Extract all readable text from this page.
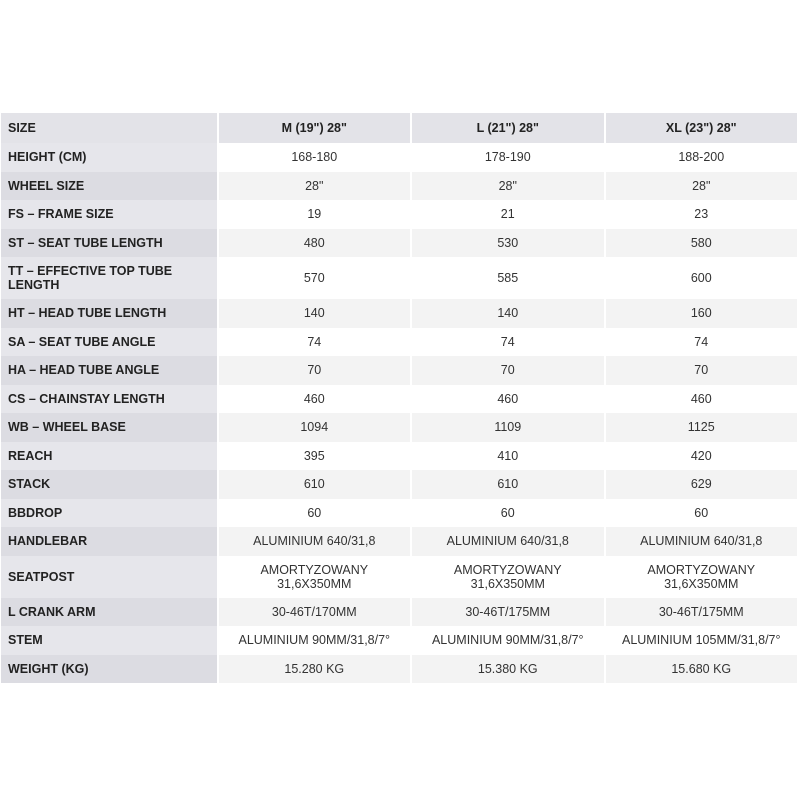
SIZE	M (19") 28"	L (21") 28"	XL (23") 28"
HEIGHT (CM)	168-180	178-190	188-200
WHEEL SIZE	28"	28"	28"
FS – FRAME SIZE	19	21	23
ST – SEAT TUBE LENGTH	480	530	580
TT – EFFECTIVE TOP TUBE LENGTH	570	585	600
HT – HEAD TUBE LENGTH	140	140	160
SA – SEAT TUBE ANGLE	74	74	74
HA – HEAD TUBE ANGLE	70	70	70
CS – CHAINSTAY LENGTH	460	460	460
WB – WHEEL BASE	1094	1109	1125
REACH	395	410	420
STACK	610	610	629
BBDROP	60	60	60
HANDLEBAR	ALUMINIUM 640/31,8	ALUMINIUM 640/31,8	ALUMINIUM 640/31,8
SEATPOST	AMORTYZOWANY 31,6X350MM	AMORTYZOWANY 31,6X350MM	AMORTYZOWANY 31,6X350MM
L CRANK ARM	30-46T/170MM	30-46T/175MM	30-46T/175MM
STEM	ALUMINIUM 90MM/31,8/7°	ALUMINIUM 90MM/31,8/7°	ALUMINIUM 105MM/31,8/7°
WEIGHT (KG)	15.280 KG	15.380 KG	15.680 KG
